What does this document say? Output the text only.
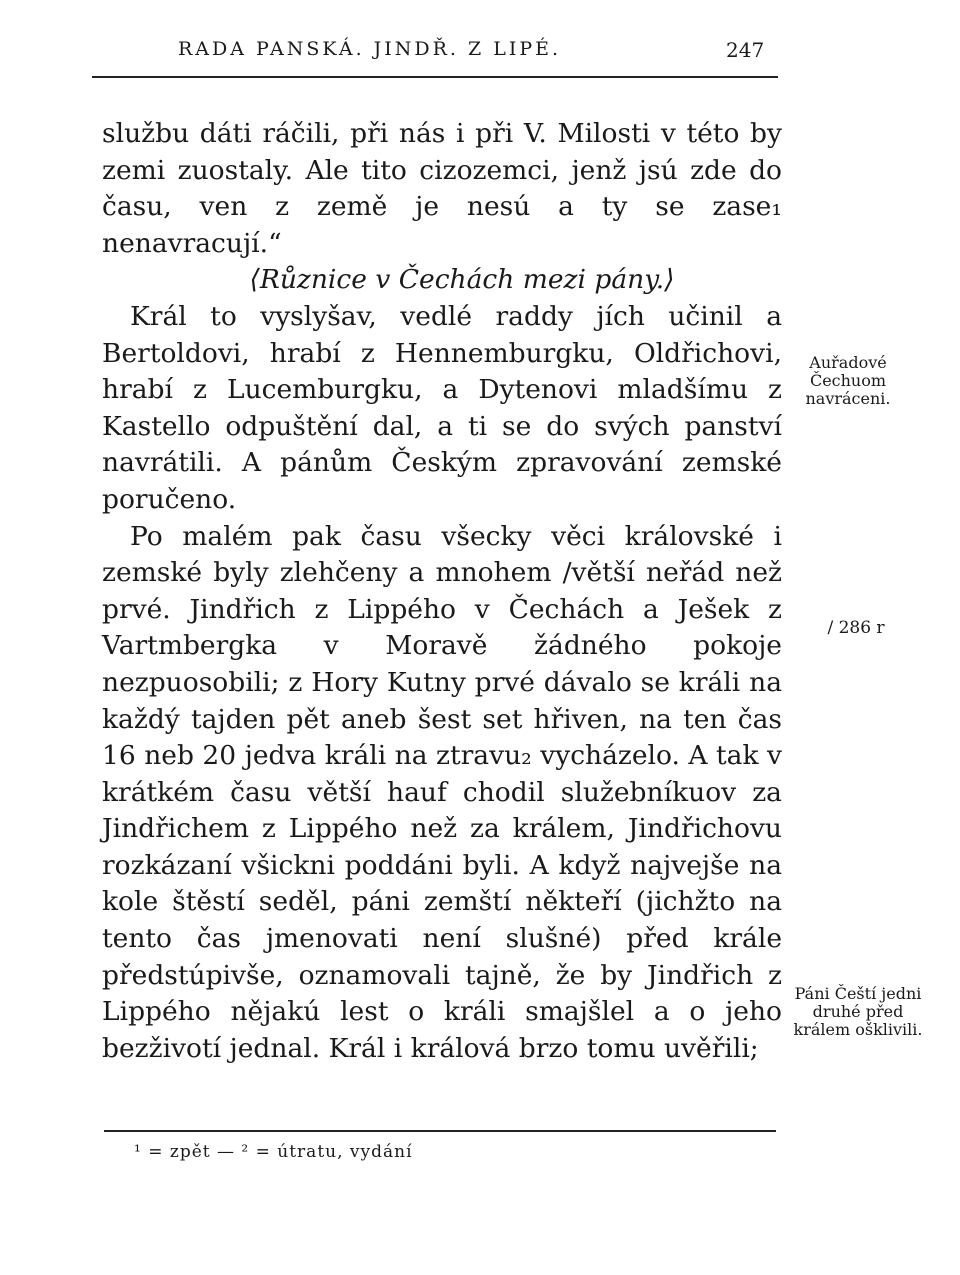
RADA PANSKÁ. JINDŘ. Z LIPÉ.	247

službu dáti ráčili, při nás i při V. Milosti v této by zemi zuostaly. Ale tito cizozemci, jenž jsú zde do času, ven z země je nesú a ty se zase₁ nenavracují.“

⟨Různice v Čechách mezi pány.⟩

Král to vyslyšav, vedlé raddy jích učinil a Bertoldovi, hrabí z Hennemburgku, Oldřichovi, hrabí z Lucemburgku, a Dytenovi mladšímu z Kastello odpuštění dal, a ti se do svých panství navrátili. A pánům Českým zpravování zemské poručeno.

Po malém pak času všecky věci královské i zemské byly zlehčeny a mnohem /větší neřád než prvé. Jindřich z Lippého v Čechách a Ješek z Vartmbergka v Moravě žádného pokoje nezpuosobili; z Hory Kutny prvé dávalo se králi na každý tajden pět aneb šest set hřiven, na ten čas 16 neb 20 jedva králi na ztravu₂ vycházelo. A tak v krátkém času větší hauf chodil služebníkuov za Jindřichem z Lippého než za králem, Jindřichovu rozkázaní všickni poddáni byli. A když najvejše na kole štěstí seděl, páni zemští někteří (jichžto na tento čas jmenovati není slušné) před krále předstúpivše, oznamovali tajně, že by Jindřich z Lippého nějakú lest o králi smajšlel a o jeho bezživotí jednal. Král i králová brzo tomu uvěřili;

Auřadové Čechuom navráceni.
/ 286 r
Páni Čeští jedni druhé před králem ošklivili.
¹ = zpět — ² = útratu, vydání
